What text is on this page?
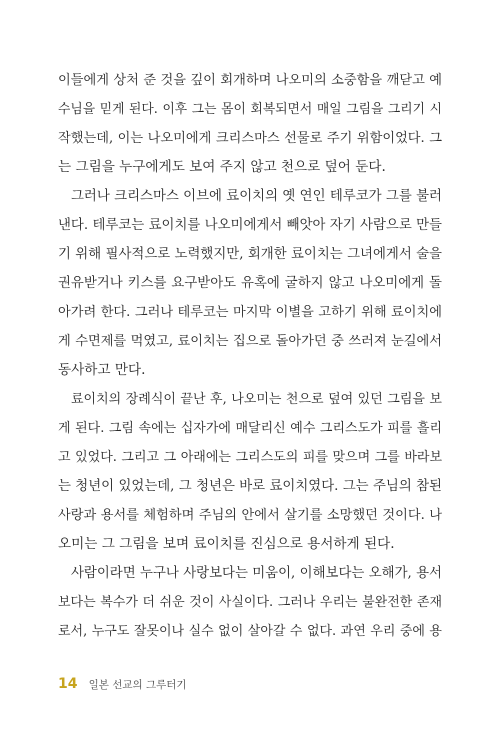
이들에게 상처 준 것을 깊이 회개하며 나오미의 소중함을 깨닫고 예
수님을 믿게 된다. 이후 그는 몸이 회복되면서 매일 그림을 그리기 시
작했는데, 이는 나오미에게 크리스마스 선물로 주기 위함이었다. 그
는 그림을 누구에게도 보여 주지 않고 천으로 덮어 둔다.
그러나 크리스마스 이브에 료이치의 옛 연인 테루코가 그를 불러
낸다. 테루코는 료이치를 나오미에게서 빼앗아 자기 사람으로 만들
기 위해 필사적으로 노력했지만, 회개한 료이치는 그녀에게서 술을
권유받거나 키스를 요구받아도 유혹에 굴하지 않고 나오미에게 돌
아가려 한다. 그러나 테루코는 마지막 이별을 고하기 위해 료이치에
게 수면제를 먹였고, 료이치는 집으로 돌아가던 중 쓰러져 눈길에서
동사하고 만다.
료이치의 장례식이 끝난 후, 나오미는 천으로 덮여 있던 그림을 보
게 된다. 그림 속에는 십자가에 매달리신 예수 그리스도가 피를 흘리
고 있었다. 그리고 그 아래에는 그리스도의 피를 맞으며 그를 바라보
는 청년이 있었는데, 그 청년은 바로 료이치였다. 그는 주님의 참된
사랑과 용서를 체험하며 주님의 안에서 살기를 소망했던 것이다. 나
오미는 그 그림을 보며 료이치를 진심으로 용서하게 된다.
사람이라면 누구나 사랑보다는 미움이, 이해보다는 오해가, 용서
보다는 복수가 더 쉬운 것이 사실이다. 그러나 우리는 불완전한 존재
로서, 누구도 잘못이나 실수 없이 살아갈 수 없다. 과연 우리 중에 용
14 일본 선교의 그루터기
